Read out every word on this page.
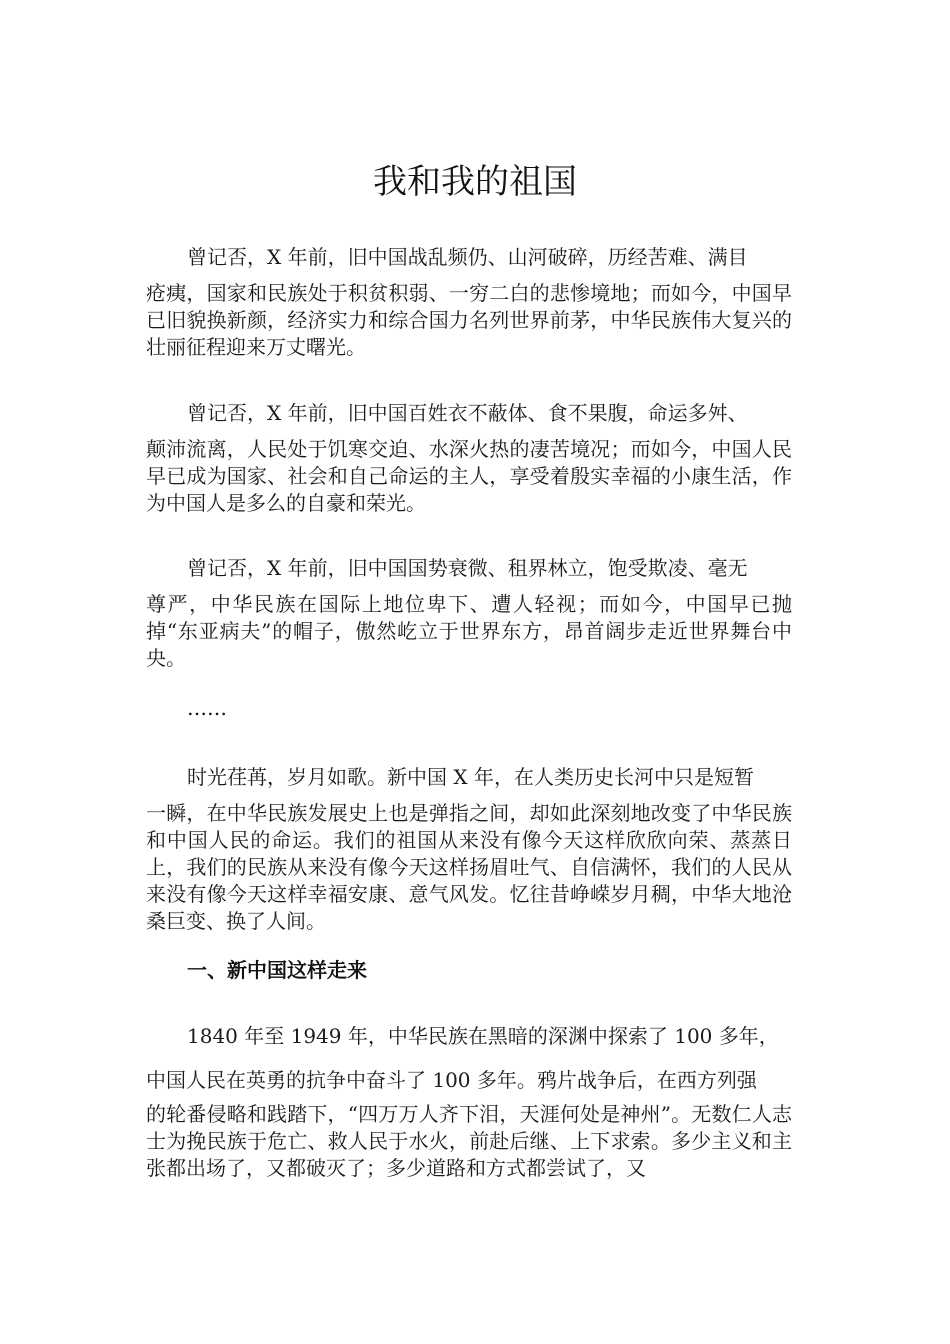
我和我的祖国

曾记否，X 年前，旧中国战乱频仍、山河破碎，历经苦难、满目

疮痍，国家和民族处于积贫积弱、一穷二白的悲惨境地；而如今，中国早已旧貌换新颜，经济实力和综合国力名列世界前茅，中华民族伟大复兴的壮丽征程迎来万丈曙光。

曾记否，X 年前，旧中国百姓衣不蔽体、食不果腹，命运多舛、

颠沛流离，人民处于饥寒交迫、水深火热的凄苦境况；而如今，中国人民早已成为国家、社会和自己命运的主人，享受着殷实幸福的小康生活，作为中国人是多么的自豪和荣光。

曾记否，X 年前，旧中国国势衰微、租界林立，饱受欺凌、毫无

尊严，中华民族在国际上地位卑下、遭人轻视；而如今，中国早已抛掉“东亚病夫”的帽子，傲然屹立于世界东方，昂首阔步走近世界舞台中央。

……

时光荏苒，岁月如歌。新中国 X 年，在人类历史长河中只是短暂

一瞬，在中华民族发展史上也是弹指之间，却如此深刻地改变了中华民族和中国人民的命运。我们的祖国从来没有像今天这样欣欣向荣、蒸蒸日上，我们的民族从来没有像今天这样扬眉吐气、自信满怀，我们的人民从来没有像今天这样幸福安康、意气风发。忆往昔峥嵘岁月稠，中华大地沧桑巨变、换了人间。

一、新中国这样走来

1840 年至 1949 年，中华民族在黑暗的深渊中探索了 100 多年，

中国人民在英勇的抗争中奋斗了 100 多年。鸦片战争后，在西方列强

的轮番侵略和践踏下，“四万万人齐下泪，天涯何处是神州”。无数仁人志士为挽民族于危亡、救人民于水火，前赴后继、上下求索。多少主义和主张都出场了，又都破灭了；多少道路和方式都尝试了，又
